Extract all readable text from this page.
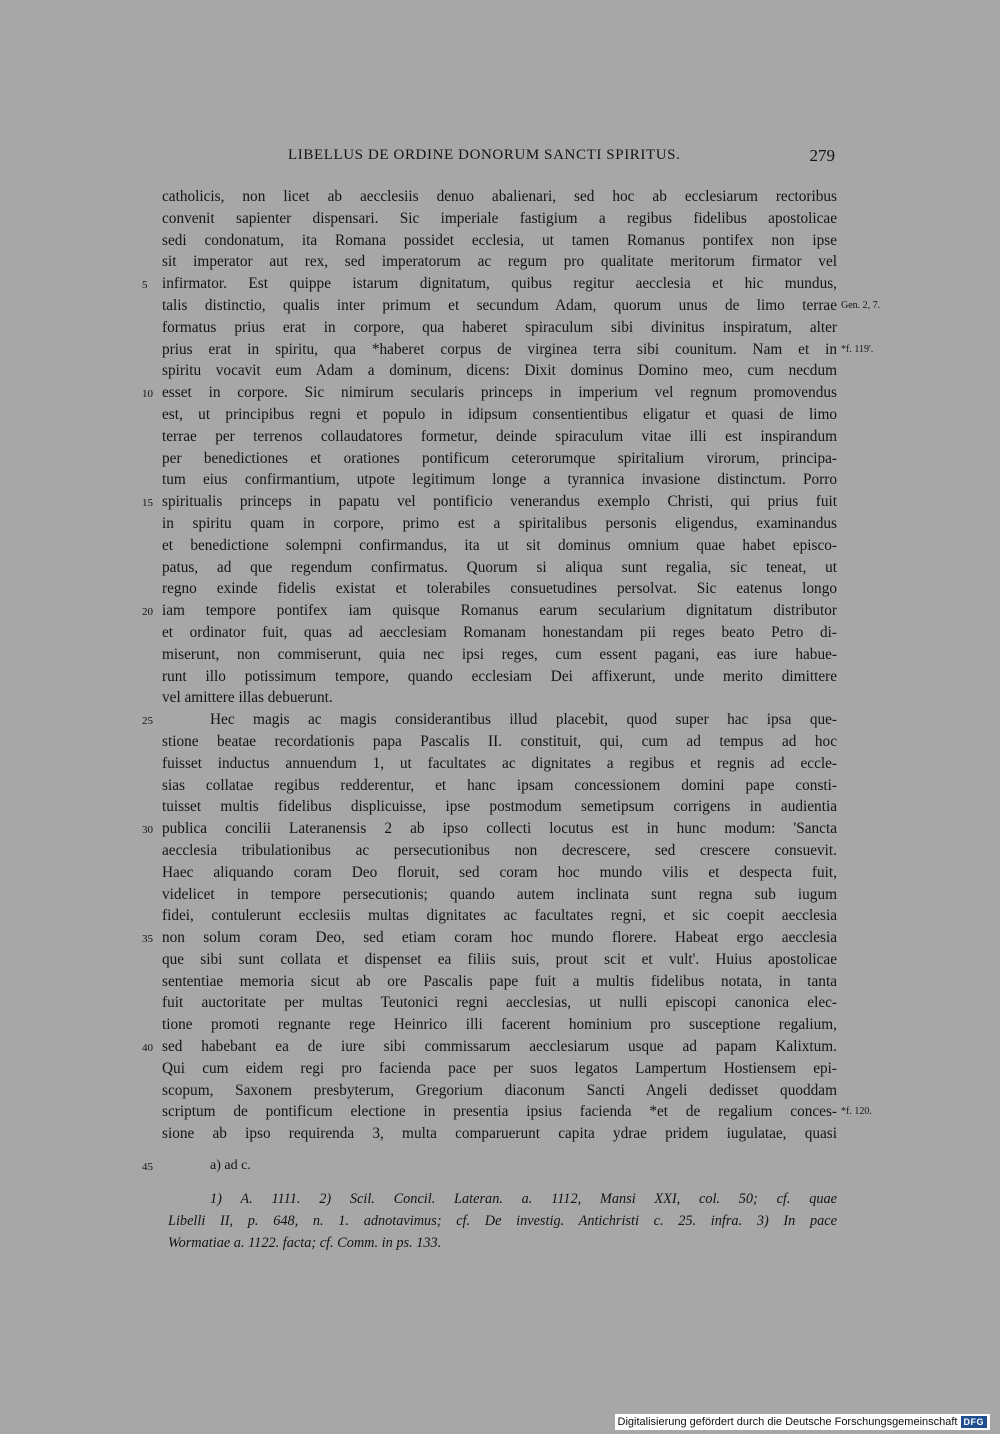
LIBELLUS DE ORDINE DONORUM SANCTI SPIRITUS.	279
catholicis, non licet ab aecclesiis denuo abalienari, sed hoc ab ecclesiarum rectoribus
convenit sapienter dispensari. Sic imperiale fastigium a regibus fidelibus apostolicae
sedi condonatum, ita Romana possidet ecclesia, ut tamen Romanus pontifex non ipse
sit imperator aut rex, sed imperatorum ac regum pro qualitate meritorum firmator vel
5 infirmator. Est quippe istarum dignitatum, quibus regitur aecclesia et hic mundus,
talis distinctio, qualis inter primum et secundum Adam, quorum unus de limo terrae Gen. 2, 7.
formatus prius erat in corpore, qua haberet spiraculum sibi divinitus inspiratum, alter
prius erat in spiritu, qua *haberet corpus de virginea terra sibi counitum. Nam et in *f. 119'.
spiritu vocavit eum Adam a dominum, dicens: Dixit dominus Domino meo, cum necdum
10 esset in corpore. Sic nimirum secularis princeps in imperium vel regnum promovendus
est, ut principibus regni et populo in idipsum consentientibus eligatur et quasi de limo
terrae per terrenos collaudatores formetur, deinde spiraculum vitae illi est inspirandum
per benedictiones et orationes pontificum ceterorumque spiritalium virorum, principa-
tum eius confirmantium, utpote legitimum longe a tyrannica invasione distinctum. Porro
15 spiritualis princeps in papatu vel pontificio venerandus exemplo Christi, qui prius fuit
in spiritu quam in corpore, primo est a spiritalibus personis eligendus, examinandus
et benedictione solempni confirmandus, ita ut sit dominus omnium quae habet episco-
patus, ad que regendum confirmatus. Quorum si aliqua sunt regalia, sic teneat, ut
regno exinde fidelis existat et tolerabiles consuetudines persolvat. Sic eatenus longo
20 iam tempore pontifex iam quisque Romanus earum secularium dignitatum distributor
et ordinator fuit, quas ad aecclesiam Romanam honestandam pii reges beato Petro di-
miserunt, non commiserunt, quia nec ipsi reges, cum essent pagani, eas iure habue-
runt illo potissimum tempore, quando ecclesiam Dei affixerunt, unde merito dimittere
vel amittere illas debuerunt.
25	Hec magis ac magis considerantibus illud placebit, quod super hac ipsa que-
stione beatae recordationis papa Pascalis II. constituit, qui, cum ad tempus ad hoc
fuisset inductus annuendum 1, ut facultates ac dignitates a regibus et regnis ad eccle-
sias collatae regibus redderentur, et hanc ipsam concessionem domini pape consti-
tuisset multis fidelibus displicuisse, ipse postmodum semetipsum corrigens in audientia
30 publica concilii Lateranensis 2 ab ipso collecti locutus est in hunc modum: 'Sancta
aecclesia tribulationibus ac persecutionibus non decrescere, sed crescere consuevit.
Haec aliquando coram Deo floruit, sed coram hoc mundo vilis et despecta fuit,
videlicet in tempore persecutionis; quando autem inclinata sunt regna sub iugum
fidei, contulerunt ecclesiis multas dignitates ac facultates regni, et sic coepit aecclesia
35 non solum coram Deo, sed etiam coram hoc mundo florere. Habeat ergo aecclesia
que sibi sunt collata et dispenset ea filiis suis, prout scit et vult'. Huius apostolicae
sententiae memoria sicut ab ore Pascalis pape fuit a multis fidelibus notata, in tanta
fuit auctoritate per multas Teutonici regni aecclesias, ut nulli episcopi canonica elec-
tione promoti regnante rege Heinrico illi facerent hominium pro susceptione regalium,
40 sed habebant ea de iure sibi commissarum aecclesiarum usque ad papam Kalixtum.
Qui cum eidem regi pro facienda pace per suos legatos Lampertum Hostiensem epi-
scopum, Saxonem presbyterum, Gregorium diaconum Sancti Angeli dedisset quoddam
scriptum de pontificum electione in presentia ipsius facienda *et de regalium conces- *f. 120.
sione ab ipso requirenda 3, multa comparuerunt capita ydrae pridem iugulatae, quasi
45	a) ad c.
1) A. 1111. 2) Scil. Concil. Lateran. a. 1112, Mansi XXI, col. 50; cf. quae
Libelli II, p. 648, n. 1. adnotavimus; cf. De investig. Antichristi c. 25. infra. 3) In pace
Wormatiae a. 1122. facta; cf. Comm. in ps. 133.
Digitalisierung gefördert durch die Deutsche Forschungsgemeinschaft DFG
